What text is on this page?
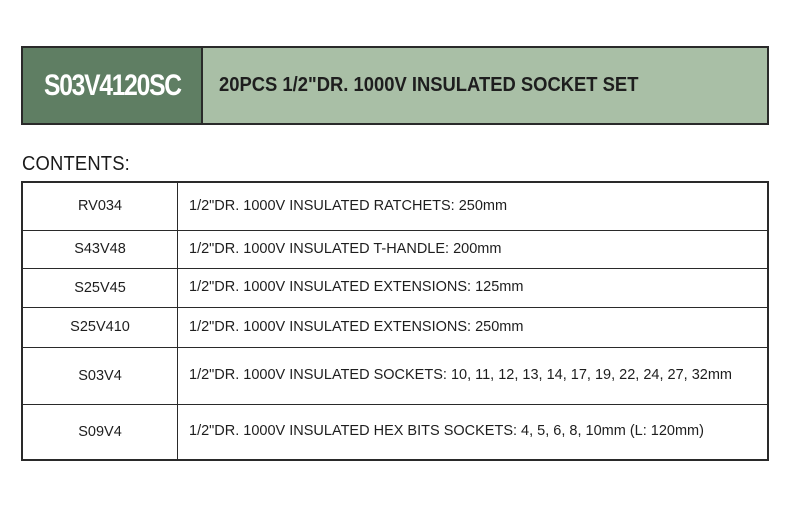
S03V4120SC 20PCS 1/2"DR. 1000V INSULATED SOCKET SET
CONTENTS:
RV034	1/2"DR. 1000V INSULATED RATCHETS: 250mm
S43V48	1/2"DR. 1000V INSULATED T-HANDLE: 200mm
S25V45	1/2"DR. 1000V INSULATED EXTENSIONS: 125mm
S25V410	1/2"DR. 1000V INSULATED EXTENSIONS: 250mm
S03V4	1/2"DR. 1000V INSULATED SOCKETS: 10, 11, 12, 13, 14, 17, 19, 22, 24, 27, 32mm
S09V4	1/2"DR. 1000V INSULATED HEX BITS SOCKETS: 4, 5, 6, 8, 10mm (L: 120mm)
